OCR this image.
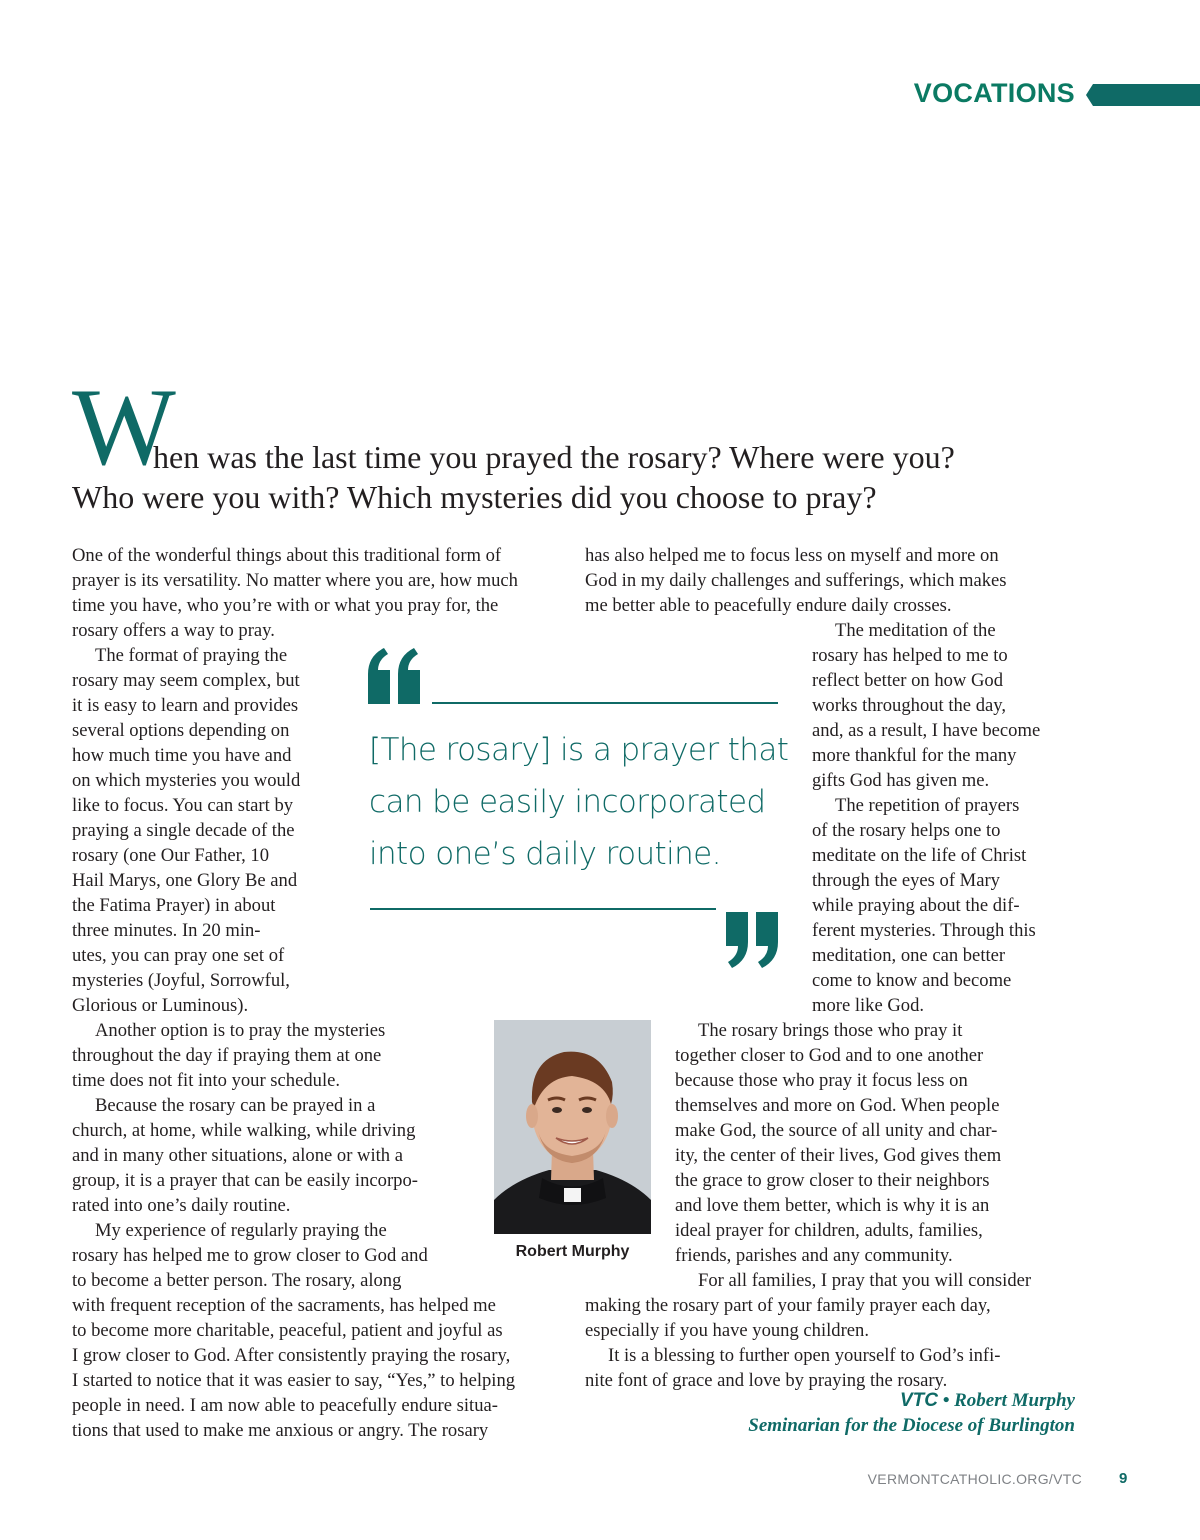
VOCATIONS
W
hen was the last time you prayed the rosary? Where were you?
Who were you with? Which mysteries did you choose to pray?
One of the wonderful things about this traditional form of
prayer is its versatility. No matter where you are, how much
time you have, who you’re with or what you pray for, the
rosary offers a way to pray.
The format of praying the
rosary may seem complex, but
it is easy to learn and provides
several options depending on
how much time you have and
on which mysteries you would
like to focus. You can start by
praying a single decade of the
rosary (one Our Father, 10
Hail Marys, one Glory Be and
the Fatima Prayer) in about
three minutes. In 20 min-
utes, you can pray one set of
mysteries (Joyful, Sorrowful,
Glorious or Luminous).
Another option is to pray the mysteries
throughout the day if praying them at one
time does not fit into your schedule.
Because the rosary can be prayed in a
church, at home, while walking, while driving
and in many other situations, alone or with a
group, it is a prayer that can be easily incorpo-
rated into one’s daily routine.
My experience of regularly praying the
rosary has helped me to grow closer to God and
to become a better person. The rosary, along
with frequent reception of the sacraments, has helped me
to become more charitable, peaceful, patient and joyful as
I grow closer to God. After consistently praying the rosary,
I started to notice that it was easier to say, “Yes,” to helping
people in need. I am now able to peacefully endure situa-
tions that used to make me anxious or angry. The rosary
has also helped me to focus less on myself and more on
God in my daily challenges and sufferings, which makes
me better able to peacefully endure daily crosses.
The meditation of the
rosary has helped to me to
reflect better on how God
works throughout the day,
and, as a result, I have become
more thankful for the many
gifts God has given me.
The repetition of prayers
of the rosary helps one to
meditate on the life of Christ
through the eyes of Mary
while praying about the dif-
ferent mysteries. Through this
meditation, one can better
come to know and become
more like God.
The rosary brings those who pray it
together closer to God and to one another
because those who pray it focus less on
themselves and more on God. When people
make God, the source of all unity and char-
ity, the center of their lives, God gives them
the grace to grow closer to their neighbors
and love them better, which is why it is an
ideal prayer for children, adults, families,
friends, parishes and any community.
For all families, I pray that you will consider
making the rosary part of your family prayer each day,
especially if you have young children.
It is a blessing to further open yourself to God’s infi-
nite font of grace and love by praying the rosary.
[The rosary] is a prayer that
can be easily incorporated
into one’s daily routine.
Robert Murphy
VTC • Robert Murphy
Seminarian for the Diocese of Burlington
VERMONTCATHOLIC.ORG/VTC 9
